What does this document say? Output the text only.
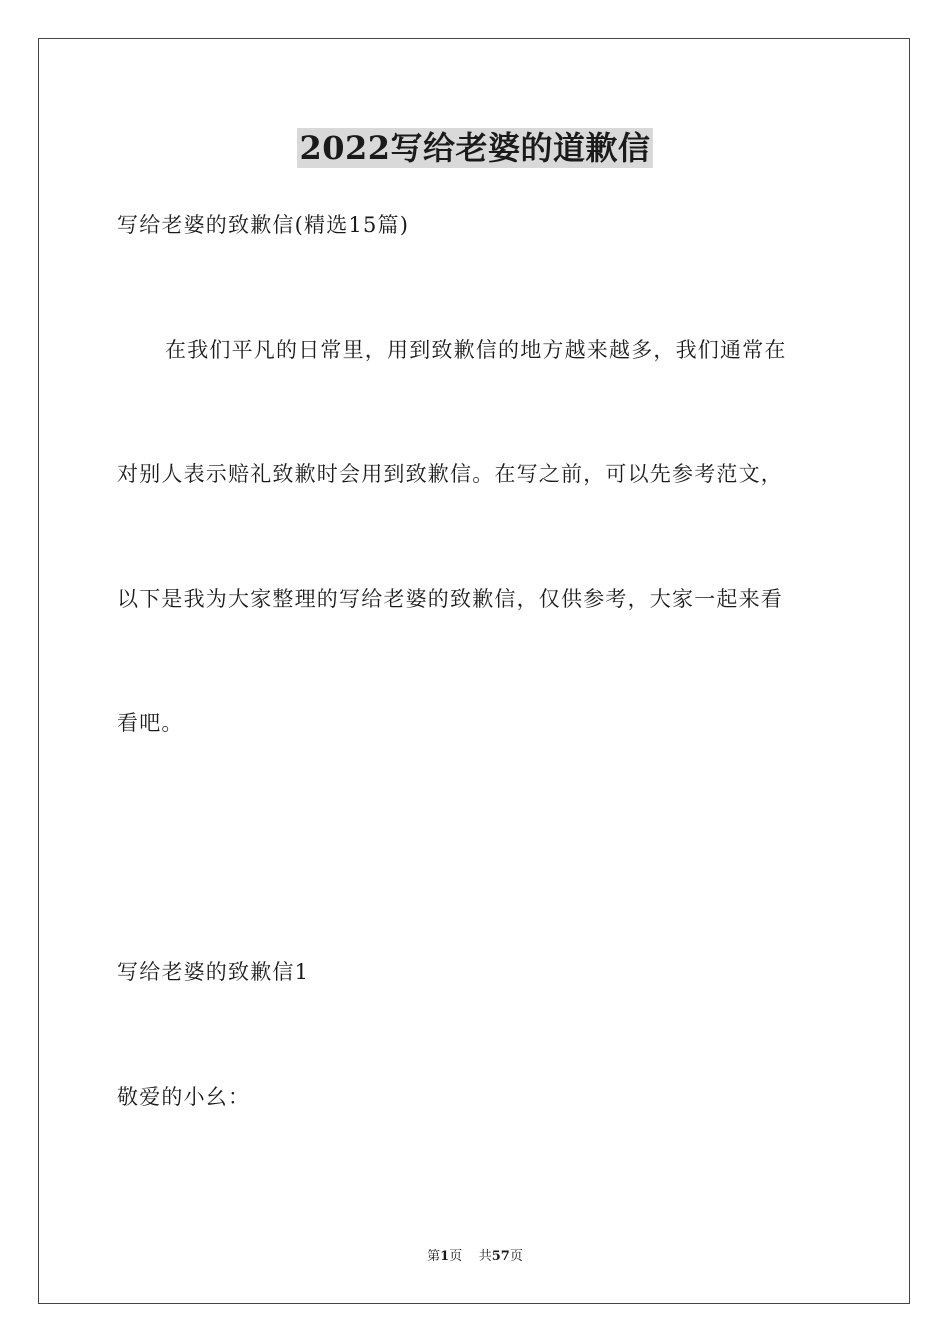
2022写给老婆的道歉信
写给老婆的致歉信(精选15篇)
在我们平凡的日常里，用到致歉信的地方越来越多，我们通常在
对别人表示赔礼致歉时会用到致歉信。在写之前，可以先参考范文，
以下是我为大家整理的写给老婆的致歉信，仅供参考，大家一起来看
看吧。
写给老婆的致歉信1
敬爱的小幺：
第1页 共57页
